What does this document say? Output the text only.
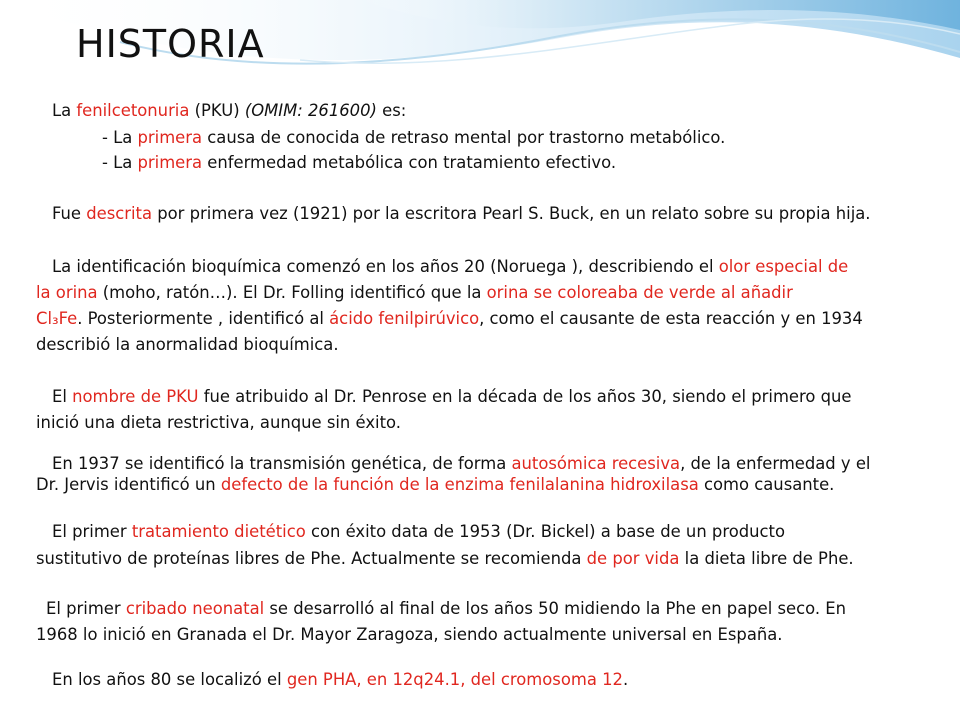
HISTORIA
La fenilcetonuria (PKU) (OMIM: 261600) es:
- La primera causa de conocida de retraso mental por trastorno metabólico.
- La primera enfermedad metabólica con tratamiento efectivo.
Fue descrita por primera vez (1921) por la escritora Pearl S. Buck, en un relato sobre su propia hija.
La identificación bioquímica comenzó en los años 20 (Noruega ), describiendo el olor especial de
la orina (moho, ratón…). El Dr. Folling identificó que la orina se coloreaba de verde al añadir
Cl₃Fe. Posteriormente , identificó al ácido fenilpirúvico, como el causante de esta reacción y en 1934
describió la anormalidad bioquímica.
El nombre de PKU fue atribuido al Dr. Penrose en la década de los años 30, siendo el primero que
inició una dieta restrictiva, aunque sin éxito.
En 1937 se identificó la transmisión genética, de forma autosómica recesiva, de la enfermedad y el
Dr. Jervis identificó un defecto de la función de la enzima fenilalanina hidroxilasa como causante.
El primer tratamiento dietético con éxito data de 1953 (Dr. Bickel) a base de un producto
sustitutivo de proteínas libres de Phe. Actualmente se recomienda de por vida la dieta libre de Phe.
El primer cribado neonatal se desarrolló al final de los años 50 midiendo la Phe en papel seco. En
1968 lo inició en Granada el Dr. Mayor Zaragoza, siendo actualmente universal en España.
En los años 80 se localizó el gen PHA, en 12q24.1, del cromosoma 12.
